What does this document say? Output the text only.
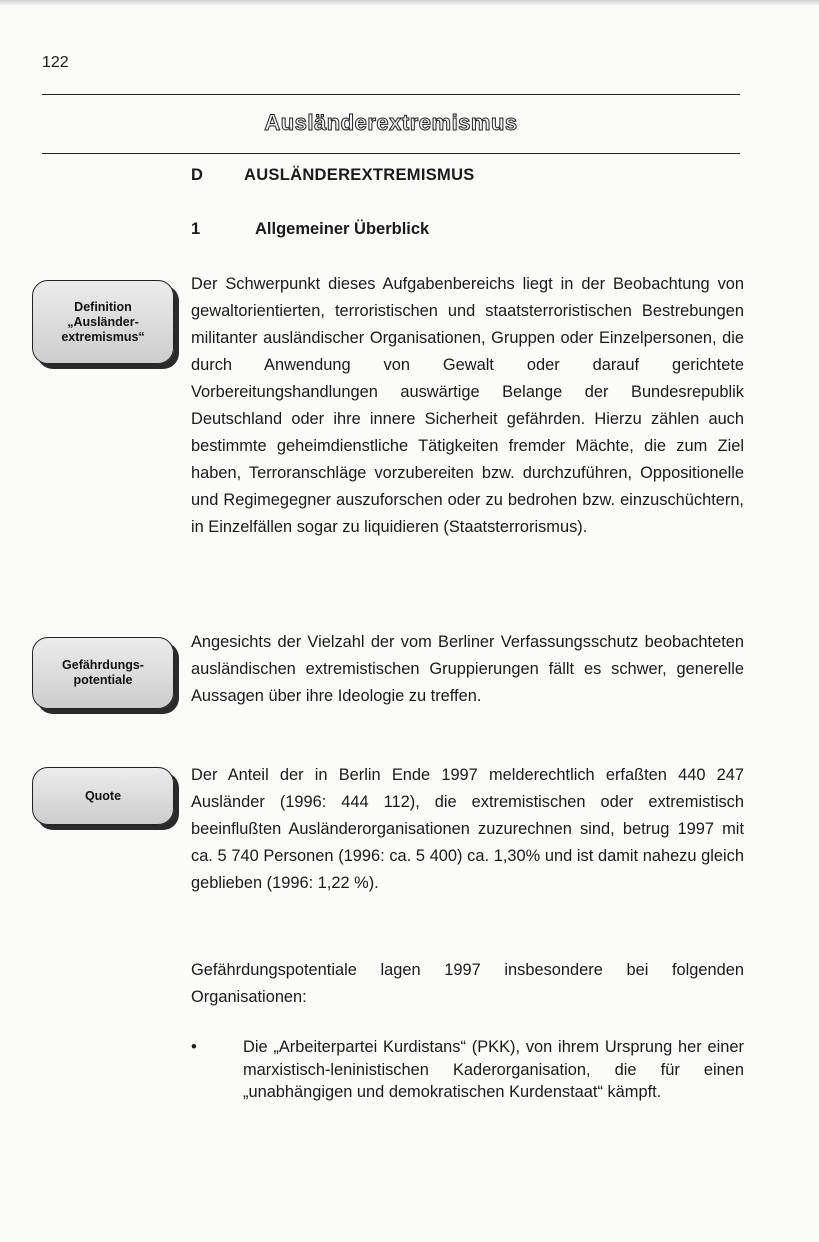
122
Ausländerextremismus
D AUSLÄNDEREXTREMISMUS
1	Allgemeiner Überblick
Definition
„Ausländer-
extremismus“

Der Schwerpunkt dieses Aufgabenbereichs liegt in der Beobachtung von gewaltorientierten, terroristischen und staatsterroristischen Bestrebungen militanter ausländischer Organisationen, Gruppen oder Einzelpersonen, die durch Anwendung von Gewalt oder darauf gerichtete Vorbereitungshandlungen auswärtige Belange der Bundesrepublik Deutschland oder ihre innere Sicherheit gefährden. Hierzu zählen auch bestimmte geheimdienstliche Tätigkeiten fremder Mächte, die zum Ziel haben, Terroranschläge vorzubereiten bzw. durchzuführen, Oppositionelle und Regimegegner auszuforschen oder zu bedrohen bzw. einzuschüchtern, in Einzelfällen sogar zu liquidieren (Staatsterrorismus).

Gefährdungs-
potentiale

Angesichts der Vielzahl der vom Berliner Verfassungsschutz beobachteten ausländischen extremistischen Gruppierungen fällt es schwer, generelle Aussagen über ihre Ideologie zu treffen.

Quote

Der Anteil der in Berlin Ende 1997 melderechtlich erfaßten 440 247 Ausländer (1996: 444 112), die extremistischen oder extremistisch beeinflußten Ausländerorganisationen zuzurechnen sind, betrug 1997 mit ca. 5 740 Personen (1996: ca. 5 400) ca. 1,30% und ist damit nahezu gleich geblieben (1996: 1,22 %).

Gefährdungspotentiale lagen 1997 insbesondere bei folgenden Organisationen:

•	Die „Arbeiterpartei Kurdistans“ (PKK), von ihrem Ursprung her einer marxistisch-leninistischen Kaderorganisation, die für einen „unabhängigen und demokratischen Kurdenstaat“ kämpft.
